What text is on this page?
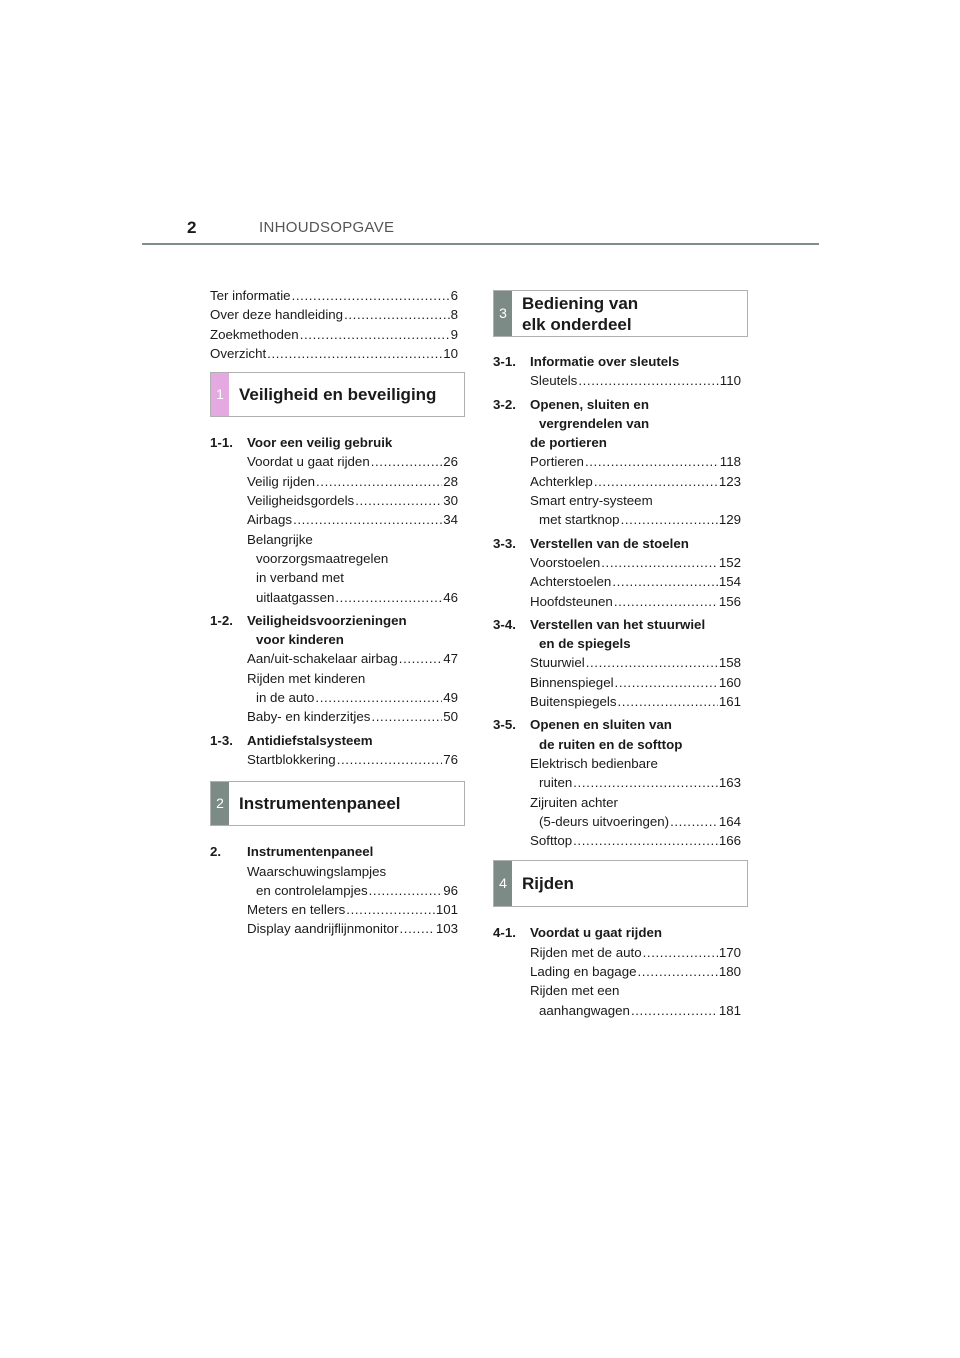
2	INHOUDSOPGAVE
Ter informatie .....	6
Over deze handleiding .....	8
Zoekmethoden .....	9
Overzicht .....	10
1 Veiligheid en beveiliging
1-1.	Voor een veilig gebruik
Voordat u gaat rijden .....	26
Veilig rijden .....	28
Veiligheidsgordels .....	30
Airbags .....	34
Belangrijke
voorzorgsmaatregelen
in verband met
uitlaatgassen .....	46
1-2.	Veiligheidsvoorzieningen
voor kinderen
Aan/uit-schakelaar airbag .....	47
Rijden met kinderen
in de auto .....	49
Baby- en kinderzitjes .....	50
1-3.	Antidiefstalsysteem
Startblokkering .....	76
2 Instrumentenpaneel
2.	Instrumentenpaneel
Waarschuwingslampjes
en controlelampjes .....	96
Meters en tellers .....	101
Display aandrijflijnmonitor .....	103
3
Bediening van
elk onderdeel
3-1.	Informatie over sleutels
Sleutels .....	110
3-2.	Openen, sluiten en
vergrendelen van
de portieren
Portieren .....	118
Achterklep .....	123
Smart entry-systeem
met startknop .....	129
3-3.	Verstellen van de stoelen
Voorstoelen .....	152
Achterstoelen .....	154
Hoofdsteunen .....	156
3-4.	Verstellen van het stuurwiel
en de spiegels
Stuurwiel .....	158
Binnenspiegel .....	160
Buitenspiegels .....	161
3-5.	Openen en sluiten van
de ruiten en de softtop
Elektrisch bedienbare
ruiten .....	163
Zijruiten achter
(5-deurs uitvoeringen) .....	164
Softtop .....	166
4 Rijden
4-1.	Voordat u gaat rijden
Rijden met de auto .....	170
Lading en bagage .....	180
Rijden met een
aanhangwagen .....	181
